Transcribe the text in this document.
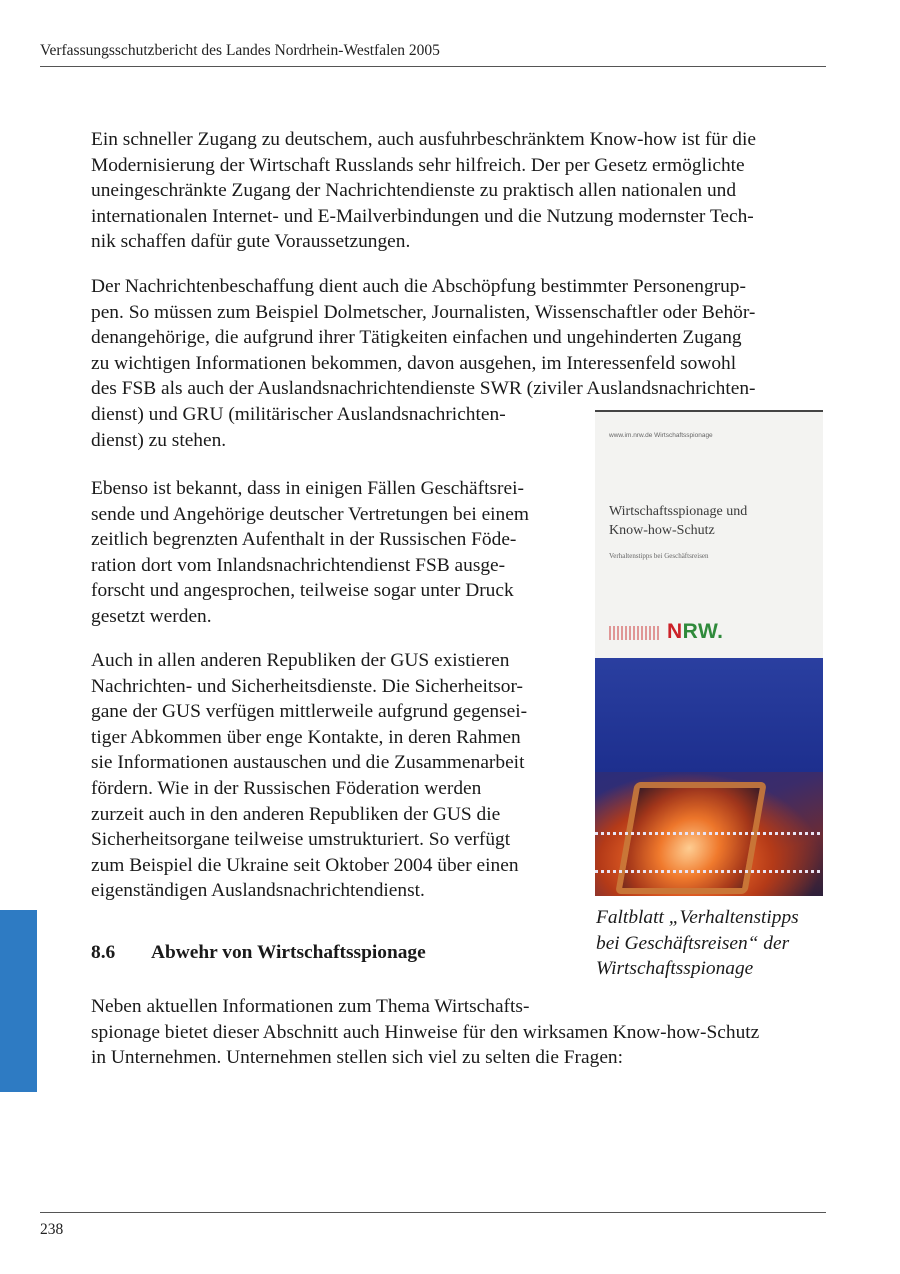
Verfassungsschutzbericht des Landes Nordrhein-Westfalen 2005

Ein schneller Zugang zu deutschem, auch ausfuhrbeschränktem Know-how ist für die
Modernisierung der Wirtschaft Russlands sehr hilfreich. Der per Gesetz ermöglichte
uneingeschränkte Zugang der Nachrichtendienste zu praktisch allen nationalen und
internationalen Internet- und E-Mailverbindungen und die Nutzung modernster Tech-
nik schaffen dafür gute Voraussetzungen.

Der Nachrichtenbeschaffung dient auch die Abschöpfung bestimmter Personengrup-
pen. So müssen zum Beispiel Dolmetscher, Journalisten, Wissenschaftler oder Behör-
denangehörige, die aufgrund ihrer Tätigkeiten einfachen und ungehinderten Zugang
zu wichtigen Informationen bekommen, davon ausgehen, im Interessenfeld sowohl
des FSB als auch der Auslandsnachrichtendienste SWR (ziviler Auslandsnachrichten-
dienst) und GRU (militärischer Auslandsnachrichten-
dienst) zu stehen.

Ebenso ist bekannt, dass in einigen Fällen Geschäftsrei-
sende und Angehörige deutscher Vertretungen bei einem
zeitlich begrenzten Aufenthalt in der Russischen Föde-
ration dort vom Inlandsnachrichtendienst FSB ausge-
forscht und angesprochen, teilweise sogar unter Druck
gesetzt werden.

Auch in allen anderen Republiken der GUS existieren
Nachrichten- und Sicherheitsdienste. Die Sicherheitsor-
gane der GUS verfügen mittlerweile aufgrund gegensei-
tiger Abkommen über enge Kontakte, in deren Rahmen
sie Informationen austauschen und die Zusammenarbeit
fördern. Wie in der Russischen Föderation werden
zurzeit auch in den anderen Republiken der GUS die
Sicherheitsorgane teilweise umstrukturiert. So verfügt
zum Beispiel die Ukraine seit Oktober 2004 über einen
eigenständigen Auslandsnachrichtendienst.

8.6 Abwehr von Wirtschaftsspionage

Neben aktuellen Informationen zum Thema Wirtschafts-
spionage bietet dieser Abschnitt auch Hinweise für den wirksamen Know-how-Schutz
in Unternehmen. Unternehmen stellen sich viel zu selten die Fragen:

www.im.nrw.de Wirtschaftsspionage
Wirtschaftsspionage und
Know-how-Schutz
Verhaltenstipps bei Geschäftsreisen
NRW.

Faltblatt „Verhaltenstipps
bei Geschäftsreisen“ der
Wirtschaftsspionage

238
